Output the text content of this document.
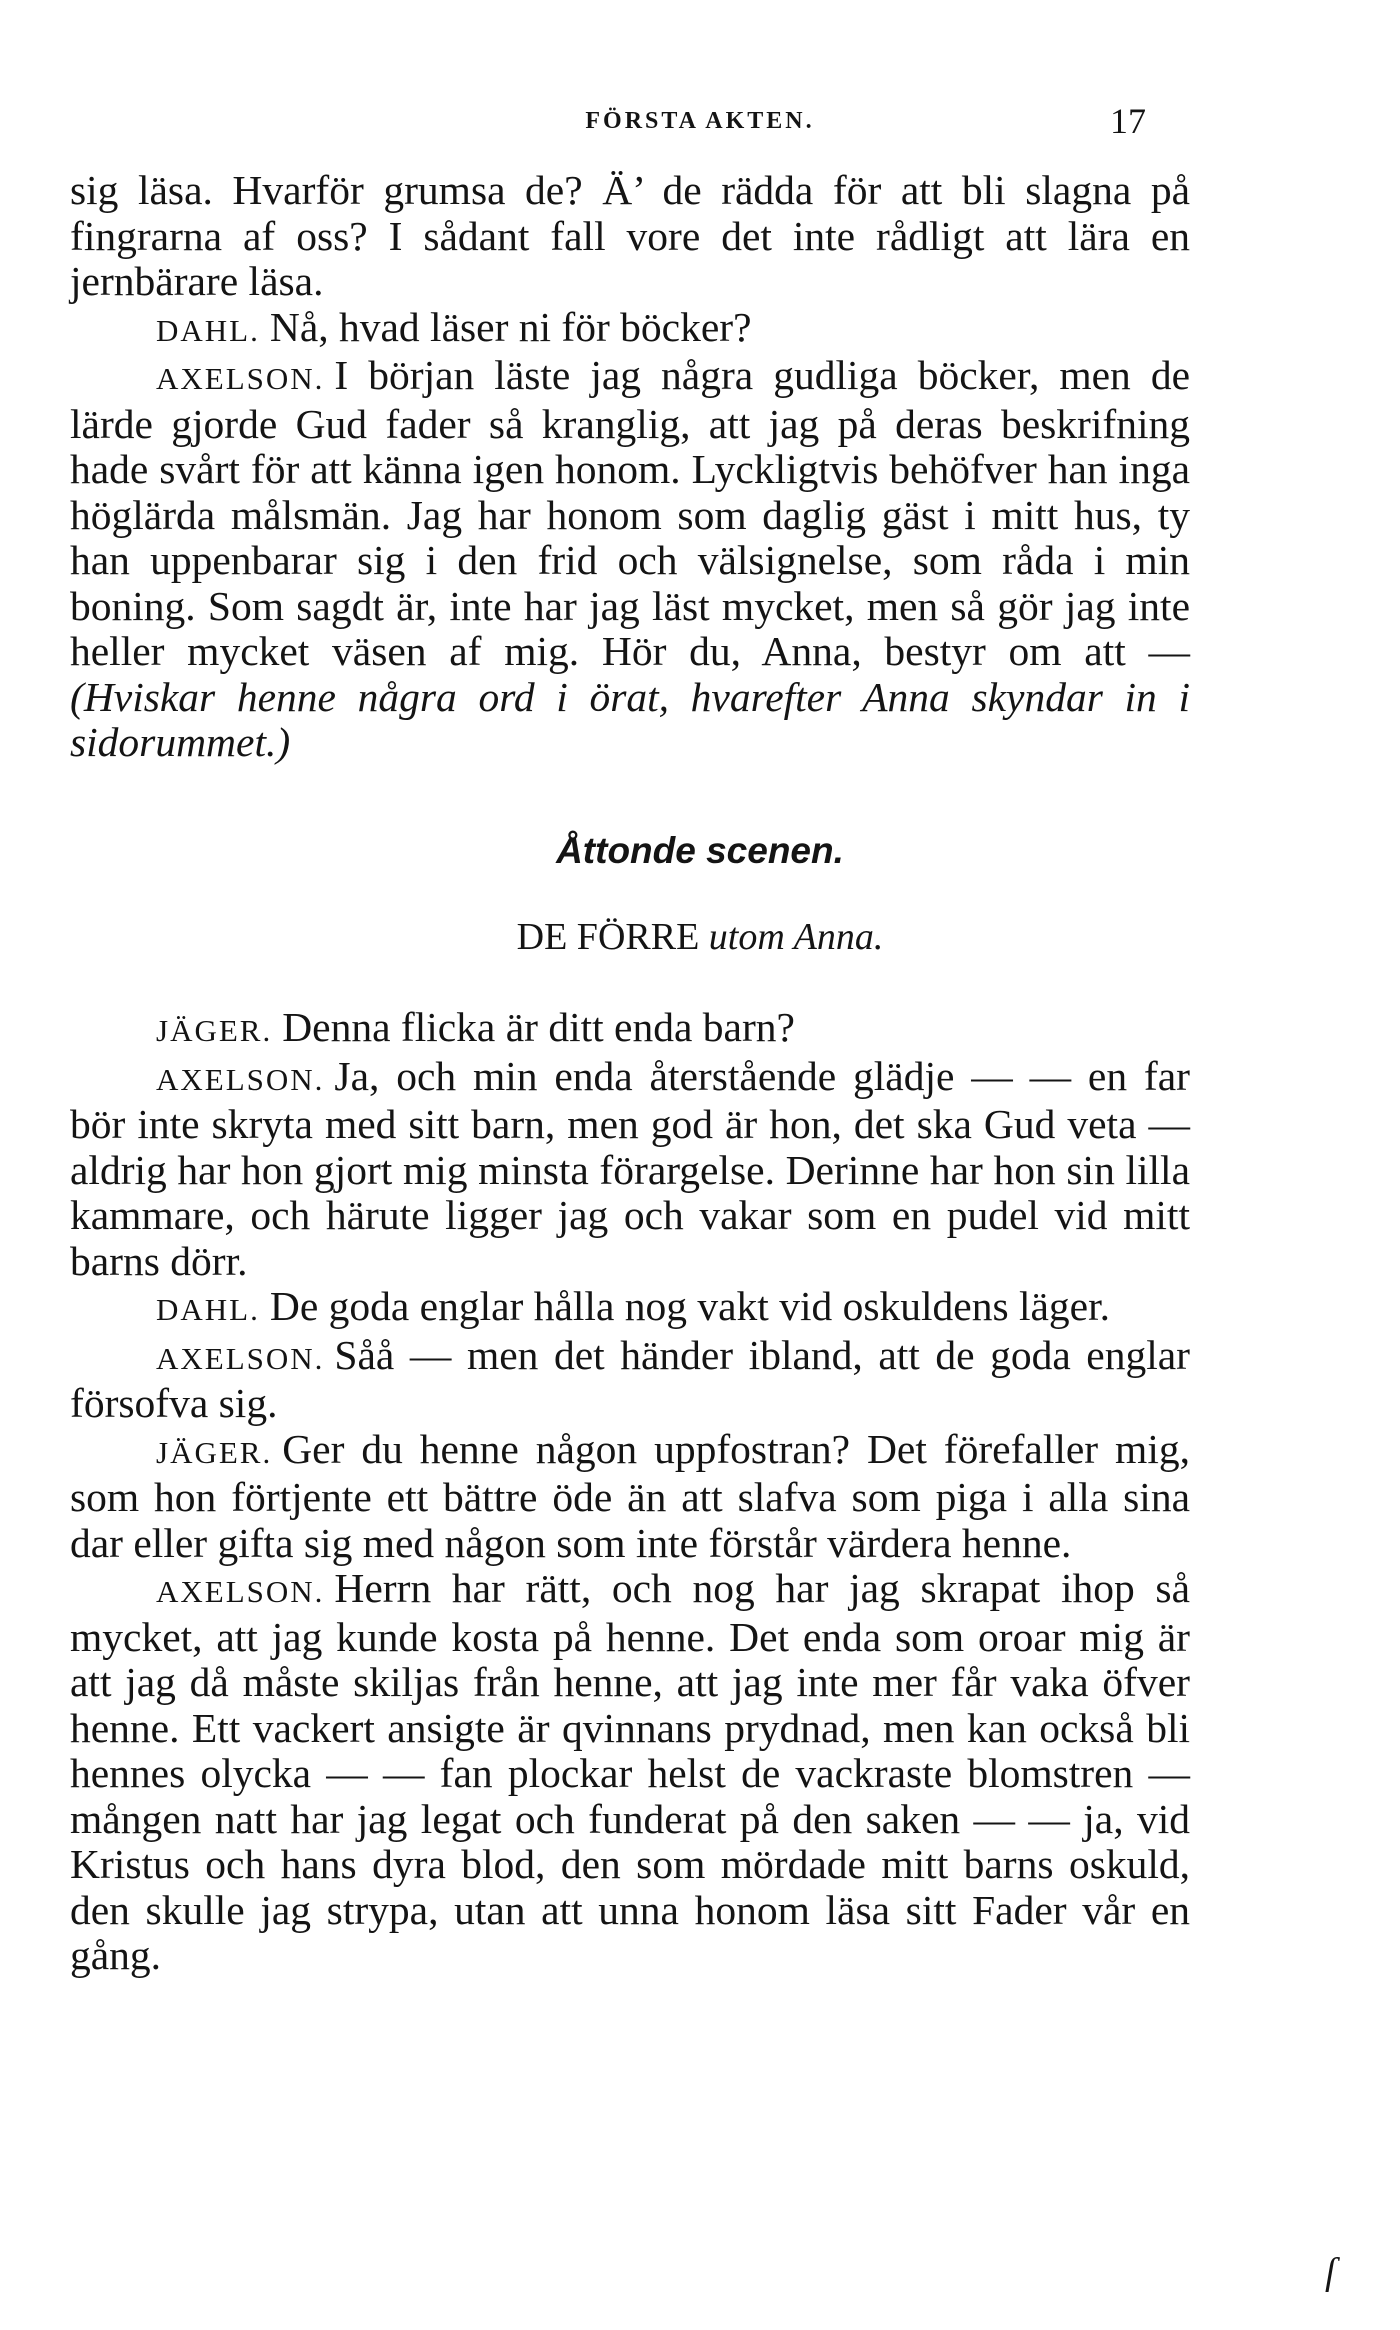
FÖRSTA AKTEN.	17

sig läsa. Hvarför grumsa de? Ä’ de rädda för att bli slagna på fingrarna af oss? I sådant fall vore det inte rådligt att lära en jernbärare läsa.

DAHL. Nå, hvad läser ni för böcker?

AXELSON. I början läste jag några gudliga böcker, men de lärde gjorde Gud fader så kranglig, att jag på deras beskrifning hade svårt för att känna igen honom. Lyckligtvis behöfver han inga höglärda målsmän. Jag har honom som daglig gäst i mitt hus, ty han uppenbarar sig i den frid och välsignelse, som råda i min boning. Som sagdt är, inte har jag läst mycket, men så gör jag inte heller mycket väsen af mig. Hör du, Anna, bestyr om att — (Hviskar henne några ord i örat, hvarefter Anna skyndar in i sidorummet.)

Åttonde scenen.
DE FÖRRE utom Anna.

JÄGER. Denna flicka är ditt enda barn?

AXELSON. Ja, och min enda återstående glädje — — en far bör inte skryta med sitt barn, men god är hon, det ska Gud veta — aldrig har hon gjort mig minsta förargelse. Derinne har hon sin lilla kammare, och härute ligger jag och vakar som en pudel vid mitt barns dörr.

DAHL. De goda englar hålla nog vakt vid oskuldens läger.

AXELSON. Såå — men det händer ibland, att de goda englar försofva sig.

JÄGER. Ger du henne någon uppfostran? Det förefaller mig, som hon förtjente ett bättre öde än att slafva som piga i alla sina dar eller gifta sig med någon som inte förstår värdera henne.

AXELSON. Herrn har rätt, och nog har jag skrapat ihop så mycket, att jag kunde kosta på henne. Det enda som oroar mig är att jag då måste skiljas från henne, att jag inte mer får vaka öfver henne. Ett vackert ansigte är qvinnans prydnad, men kan också bli hennes olycka — — fan plockar helst de vackraste blomstren — mången natt har jag legat och funderat på den saken — — ja, vid Kristus och hans dyra blod, den som mördade mitt barns oskuld, den skulle jag strypa, utan att unna honom läsa sitt Fader vår en gång.

ſ
